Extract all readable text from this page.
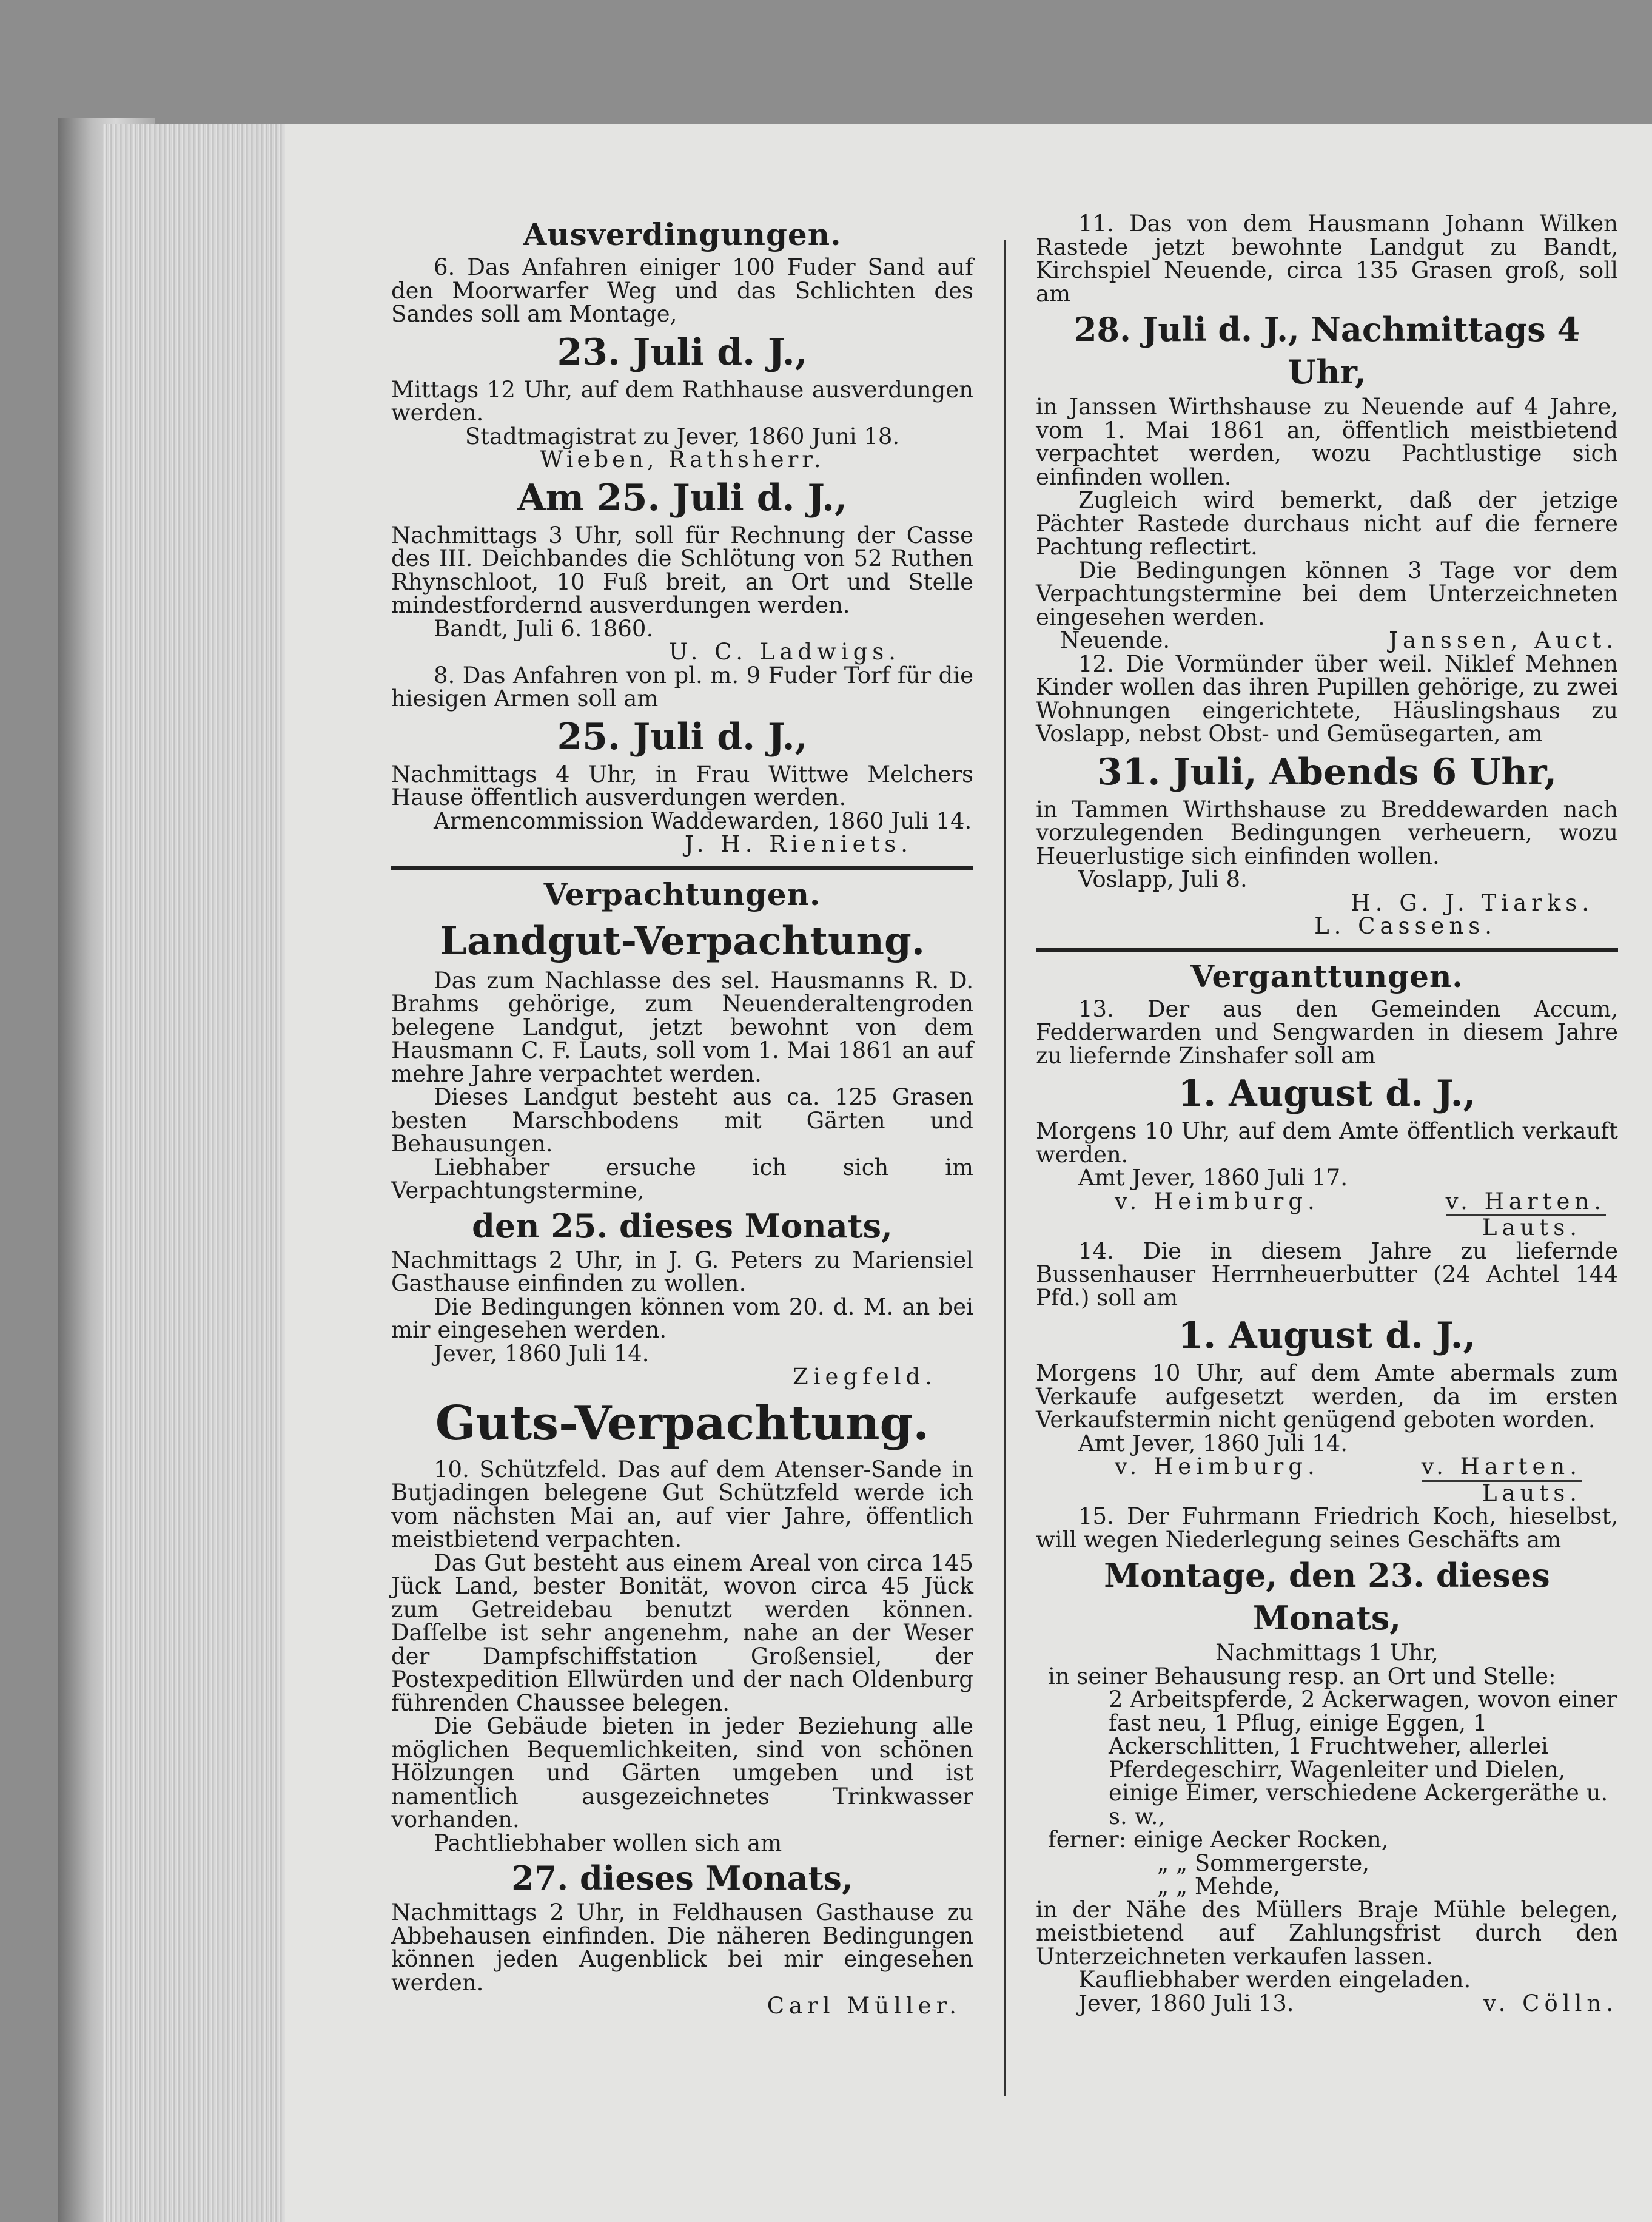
Ausverdingungen.

6. Das Anfahren einiger 100 Fuder Sand auf den Moorwarfer Weg und das Schlichten des Sandes soll am Montage,

23. Juli d. J.,

Mittags 12 Uhr, auf dem Rathhause ausverdungen werden.

Stadtmagistrat zu Jever, 1860 Juni 18.

Wieben, Rathsherr.

Am 25. Juli d. J.,

Nachmittags 3 Uhr, soll für Rechnung der Casse des III. Deichbandes die Schlötung von 52 Ruthen Rhynschloot, 10 Fuß breit, an Ort und Stelle mindestfordernd ausverdungen werden.

Bandt, Juli 6. 1860.

U. C. Ladwigs.

8. Das Anfahren von pl. m. 9 Fuder Torf für die hiesigen Armen soll am

25. Juli d. J.,

Nachmittags 4 Uhr, in Frau Wittwe Melchers Hause öffentlich ausverdungen werden.

Armencommission Waddewarden, 1860 Juli 14.

J. H. Rieniets.

Verpachtungen.
Landgut-Verpachtung.

Das zum Nachlasse des sel. Hausmanns R. D. Brahms gehörige, zum Neuenderaltengroden belegene Landgut, jetzt bewohnt von dem Hausmann C. F. Lauts, soll vom 1. Mai 1861 an auf mehre Jahre verpachtet werden.

Dieses Landgut besteht aus ca. 125 Grasen besten Marschbodens mit Gärten und Behausungen.

Liebhaber ersuche ich sich im Verpachtungstermine,

den 25. dieses Monats,

Nachmittags 2 Uhr, in J. G. Peters zu Mariensiel Gasthause einfinden zu wollen.

Die Bedingungen können vom 20. d. M. an bei mir eingesehen werden.

Jever, 1860 Juli 14.

Ziegfeld.

Guts-Verpachtung.

10. Schützfeld. Das auf dem Atenser-Sande in Butjadingen belegene Gut Schützfeld werde ich vom nächsten Mai an, auf vier Jahre, öffentlich meistbietend verpachten.

Das Gut besteht aus einem Areal von circa 145 Jück Land, bester Bonität, wovon circa 45 Jück zum Getreidebau benutzt werden können. Daſſelbe ist sehr angenehm, nahe an der Weser der Dampfschiffstation Großensiel, der Postexpedition Ellwürden und der nach Oldenburg führenden Chaussee belegen.

Die Gebäude bieten in jeder Beziehung alle möglichen Bequemlichkeiten, sind von schönen Hölzungen und Gärten umgeben und ist namentlich ausgezeichnetes Trinkwasser vorhanden.

Pachtliebhaber wollen sich am

27. dieses Monats,

Nachmittags 2 Uhr, in Feldhausen Gasthause zu Abbehausen einfinden. Die näheren Bedingungen können jeden Augenblick bei mir eingesehen werden.

Carl Müller.

11. Das von dem Hausmann Johann Wilken Rastede jetzt bewohnte Landgut zu Bandt, Kirchspiel Neuende, circa 135 Grasen groß, soll am

28. Juli d. J., Nachmittags 4 Uhr,

in Janssen Wirthshause zu Neuende auf 4 Jahre, vom 1. Mai 1861 an, öffentlich meistbietend verpachtet werden, wozu Pachtlustige sich einfinden wollen.

Zugleich wird bemerkt, daß der jetzige Pächter Rastede durchaus nicht auf die fernere Pachtung reflectirt.

Die Bedingungen können 3 Tage vor dem Verpachtungstermine bei dem Unterzeichneten eingesehen werden.

Neuende.	Janssen, Auct.

12. Die Vormünder über weil. Niklef Mehnen Kinder wollen das ihren Pupillen gehörige, zu zwei Wohnungen eingerichtete, Häuslingshaus zu Voslapp, nebst Obst- und Gemüsegarten, am

31. Juli, Abends 6 Uhr,

in Tammen Wirthshause zu Breddewarden nach vorzulegenden Bedingungen verheuern, wozu Heuerlustige sich einfinden wollen.

Voslapp, Juli 8.

H. G. J. Tiarks.

L. Cassens.

Verganttungen.

13. Der aus den Gemeinden Accum, Fedderwarden und Sengwarden in diesem Jahre zu liefernde Zinshafer soll am

1. August d. J.,

Morgens 10 Uhr, auf dem Amte öffentlich verkauft werden.

Amt Jever, 1860 Juli 17.

v. Heimburg.	v. Harten.

Lauts.

14. Die in diesem Jahre zu liefernde Bussenhauser Herrnheuerbutter (24 Achtel 144 Pfd.) soll am

1. August d. J.,

Morgens 10 Uhr, auf dem Amte abermals zum Verkaufe aufgesetzt werden, da im ersten Verkaufstermin nicht genügend geboten worden.

Amt Jever, 1860 Juli 14.

v. Heimburg.	v. Harten.

Lauts.

15. Der Fuhrmann Friedrich Koch, hieselbst, will wegen Niederlegung seines Geschäfts am

Montage, den 23. dieses Monats,

Nachmittags 1 Uhr,

in seiner Behausung resp. an Ort und Stelle:

2 Arbeitspferde, 2 Ackerwagen, wovon einer fast neu, 1 Pflug, einige Eggen, 1 Ackerschlitten, 1 Fruchtweher, allerlei Pferdegeschirr, Wagenleiter und Dielen, einige Eimer, verschiedene Ackergeräthe u. s. w.,

ferner: einige Aecker Rocken,

„ „ Sommergerste,

„ „ Mehde,

in der Nähe des Müllers Braje Mühle belegen, meistbietend auf Zahlungsfrist durch den Unterzeichneten verkaufen lassen.

Kaufliebhaber werden eingeladen.

Jever, 1860 Juli 13.	v. Cölln.
